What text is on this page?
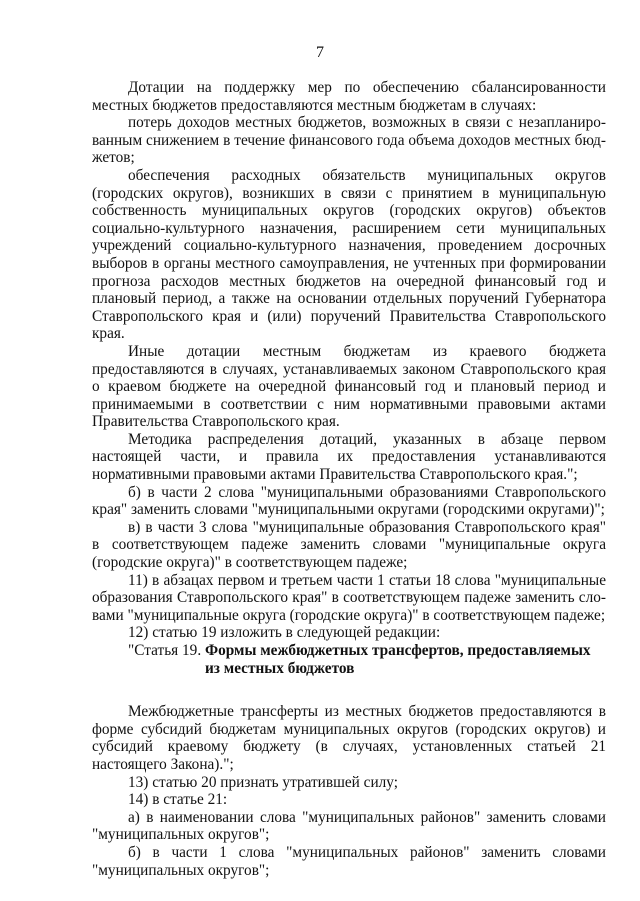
7

Дотации на поддержку мер по обеспечению сбалансированности местных бюджетов предоставляются местным бюджетам в случаях:

потерь доходов местных бюджетов, возможных в связи с незапланированным снижением в течение финансового года объема доходов местных бюджетов;

обеспечения расходных обязательств муниципальных округов (городских округов), возникших в связи с принятием в муниципальную собственность муниципальных округов (городских округов) объектов социально-культурного назначения, расширением сети муниципальных учреждений социально-культурного назначения, проведением досрочных выборов в органы местного самоуправления, не учтенных при формировании прогноза расходов местных бюджетов на очередной финансовый год и плановый период, а также на основании отдельных поручений Губернатора Ставропольского края и (или) поручений Правительства Ставропольского края.

Иные дотации местным бюджетам из краевого бюджета предоставляются в случаях, устанавливаемых законом Ставропольского края о краевом бюджете на очередной финансовый год и плановый период и принимаемыми в соответствии с ним нормативными правовыми актами Правительства Ставропольского края.

Методика распределения дотаций, указанных в абзаце первом настоящей части, и правила их предоставления устанавливаются нормативными правовыми актами Правительства Ставропольского края.";

б) в части 2 слова "муниципальными образованиями Ставропольского края" заменить словами "муниципальными округами (городскими округами)";

в) в части 3 слова "муниципальные образования Ставропольского края" в соответствующем падеже заменить словами "муниципальные округа (городские округа)" в соответствующем падеже;

11) в абзацах первом и третьем части 1 статьи 18 слова "муниципальные образования Ставропольского края" в соответствующем падеже заменить словами "муниципальные округа (городские округа)" в соответствующем падеже;

12) статью 19 изложить в следующей редакции:

"Статья 19. Формы межбюджетных трансфертов, предоставляемых из местных бюджетов

Межбюджетные трансферты из местных бюджетов предоставляются в форме субсидий бюджетам муниципальных округов (городских округов) и субсидий краевому бюджету (в случаях, установленных статьей 21 настоящего Закона).";

13) статью 20 признать утратившей силу;

14) в статье 21:

а) в наименовании слова "муниципальных районов" заменить словами "муниципальных округов";

б) в части 1 слова "муниципальных районов" заменить словами "муниципальных округов";
